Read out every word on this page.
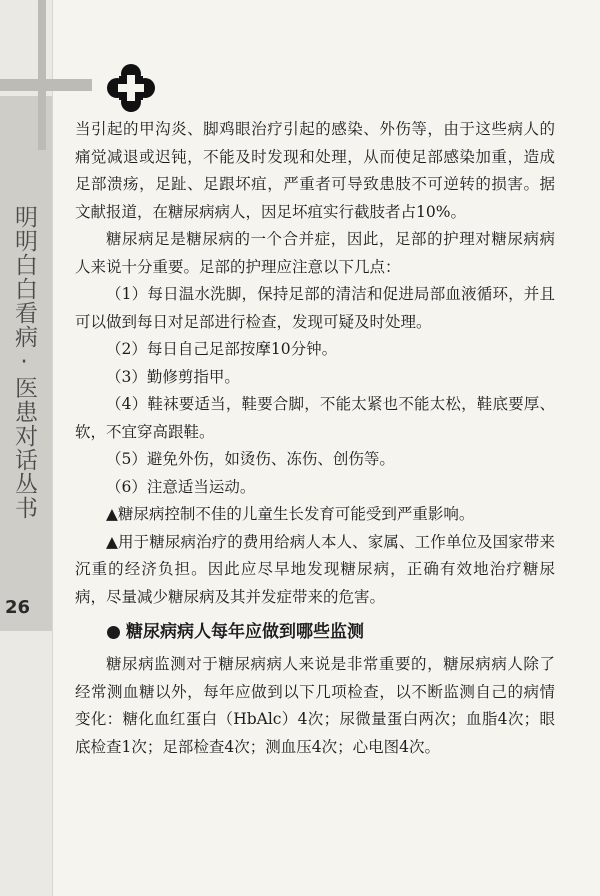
明明白白看病·医患对话丛书
26

当引起的甲沟炎、脚鸡眼治疗引起的感染、外伤等，由于这些病人的痛觉减退或迟钝，不能及时发现和处理，从而使足部感染加重，造成足部溃疡，足趾、足跟坏疽，严重者可导致患肢不可逆转的损害。据文献报道，在糖尿病病人，因足坏疽实行截肢者占10%。

糖尿病足是糖尿病的一个合并症，因此，足部的护理对糖尿病病人来说十分重要。足部的护理应注意以下几点：

（1）每日温水洗脚，保持足部的清洁和促进局部血液循环，并且可以做到每日对足部进行检查，发现可疑及时处理。

（2）每日自己足部按摩10分钟。

（3）勤修剪指甲。

（4）鞋袜要适当，鞋要合脚，不能太紧也不能太松，鞋底要厚、软，不宜穿高跟鞋。

（5）避免外伤，如烫伤、冻伤、创伤等。

（6）注意适当运动。

▲糖尿病控制不佳的儿童生长发育可能受到严重影响。

▲用于糖尿病治疗的费用给病人本人、家属、工作单位及国家带来沉重的经济负担。因此应尽早地发现糖尿病，正确有效地治疗糖尿病，尽量减少糖尿病及其并发症带来的危害。

糖尿病病人每年应做到哪些监测

糖尿病监测对于糖尿病病人来说是非常重要的，糖尿病病人除了经常测血糖以外，每年应做到以下几项检查，以不断监测自己的病情变化：糖化血红蛋白（HbAlc）4次；尿微量蛋白两次；血脂4次；眼底检查1次；足部检查4次；测血压4次；心电图4次。
